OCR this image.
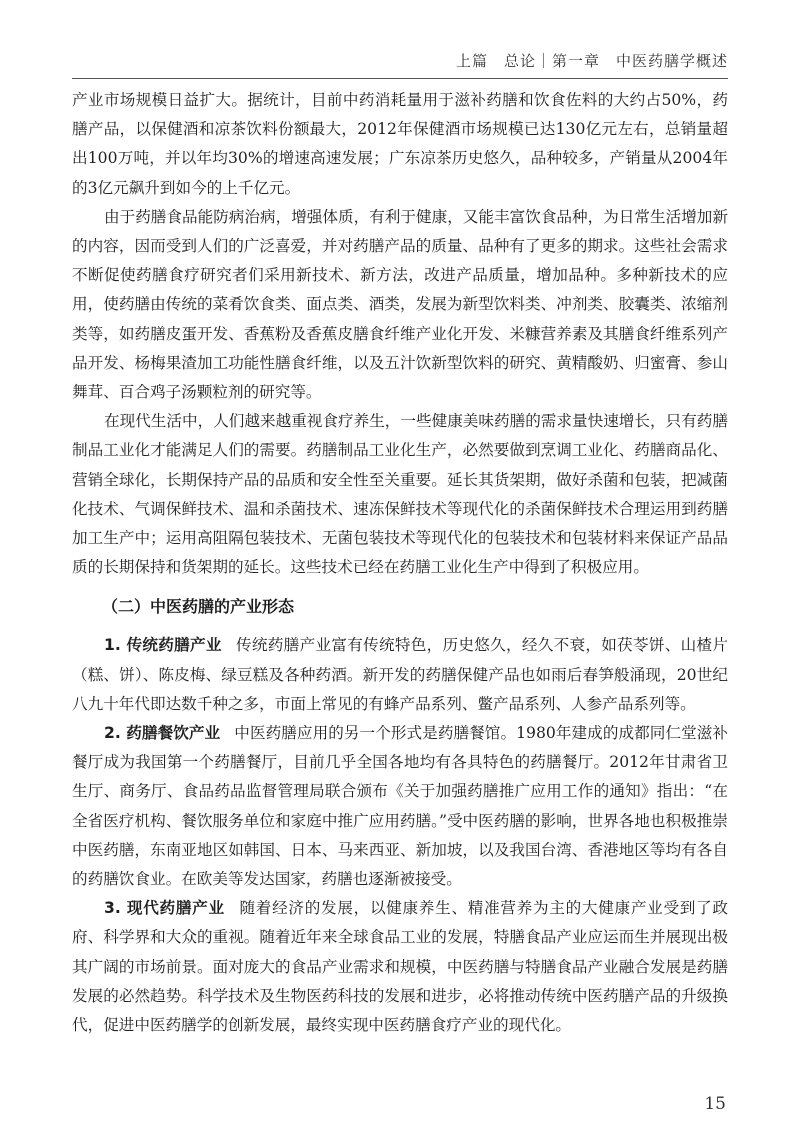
上篇　总论｜第一章　中医药膳学概述

产业市场规模日益扩大。据统计，目前中药消耗量用于滋补药膳和饮食佐料的大约占50%，药膳产品，以保健酒和凉茶饮料份额最大，2012年保健酒市场规模已达130亿元左右，总销量超出100万吨，并以年均30%的增速高速发展；广东凉茶历史悠久，品种较多，产销量从2004年的3亿元飙升到如今的上千亿元。

由于药膳食品能防病治病，增强体质，有利于健康，又能丰富饮食品种，为日常生活增加新的内容，因而受到人们的广泛喜爱，并对药膳产品的质量、品种有了更多的期求。这些社会需求不断促使药膳食疗研究者们采用新技术、新方法，改进产品质量，增加品种。多种新技术的应用，使药膳由传统的菜肴饮食类、面点类、酒类，发展为新型饮料类、冲剂类、胶囊类、浓缩剂类等，如药膳皮蛋开发、香蕉粉及香蕉皮膳食纤维产业化开发、米糠营养素及其膳食纤维系列产品开发、杨梅果渣加工功能性膳食纤维，以及五汁饮新型饮料的研究、黄精酸奶、归蜜膏、参山舞茸、百合鸡子汤颗粒剂的研究等。

在现代生活中，人们越来越重视食疗养生，一些健康美味药膳的需求量快速增长，只有药膳制品工业化才能满足人们的需要。药膳制品工业化生产，必然要做到烹调工业化、药膳商品化、营销全球化，长期保持产品的品质和安全性至关重要。延长其货架期，做好杀菌和包装，把减菌化技术、气调保鲜技术、温和杀菌技术、速冻保鲜技术等现代化的杀菌保鲜技术合理运用到药膳加工生产中；运用高阻隔包装技术、无菌包装技术等现代化的包装技术和包装材料来保证产品品质的长期保持和货架期的延长。这些技术已经在药膳工业化生产中得到了积极应用。

（二）中医药膳的产业形态

1. 传统药膳产业 传统药膳产业富有传统特色，历史悠久，经久不衰，如茯苓饼、山楂片（糕、饼）、陈皮梅、绿豆糕及各种药酒。新开发的药膳保健产品也如雨后春笋般涌现，20世纪八九十年代即达数千种之多，市面上常见的有蜂产品系列、鳖产品系列、人参产品系列等。

2. 药膳餐饮产业 中医药膳应用的另一个形式是药膳餐馆。1980年建成的成都同仁堂滋补餐厅成为我国第一个药膳餐厅，目前几乎全国各地均有各具特色的药膳餐厅。2012年甘肃省卫生厅、商务厅、食品药品监督管理局联合颁布《关于加强药膳推广应用工作的通知》指出：“在全省医疗机构、餐饮服务单位和家庭中推广应用药膳。”受中医药膳的影响，世界各地也积极推崇中医药膳，东南亚地区如韩国、日本、马来西亚、新加坡，以及我国台湾、香港地区等均有各自的药膳饮食业。在欧美等发达国家，药膳也逐渐被接受。

3. 现代药膳产业 随着经济的发展，以健康养生、精准营养为主的大健康产业受到了政府、科学界和大众的重视。随着近年来全球食品工业的发展，特膳食品产业应运而生并展现出极其广阔的市场前景。面对庞大的食品产业需求和规模，中医药膳与特膳食品产业融合发展是药膳发展的必然趋势。科学技术及生物医药科技的发展和进步，必将推动传统中医药膳产品的升级换代，促进中医药膳学的创新发展，最终实现中医药膳食疗产业的现代化。

15
